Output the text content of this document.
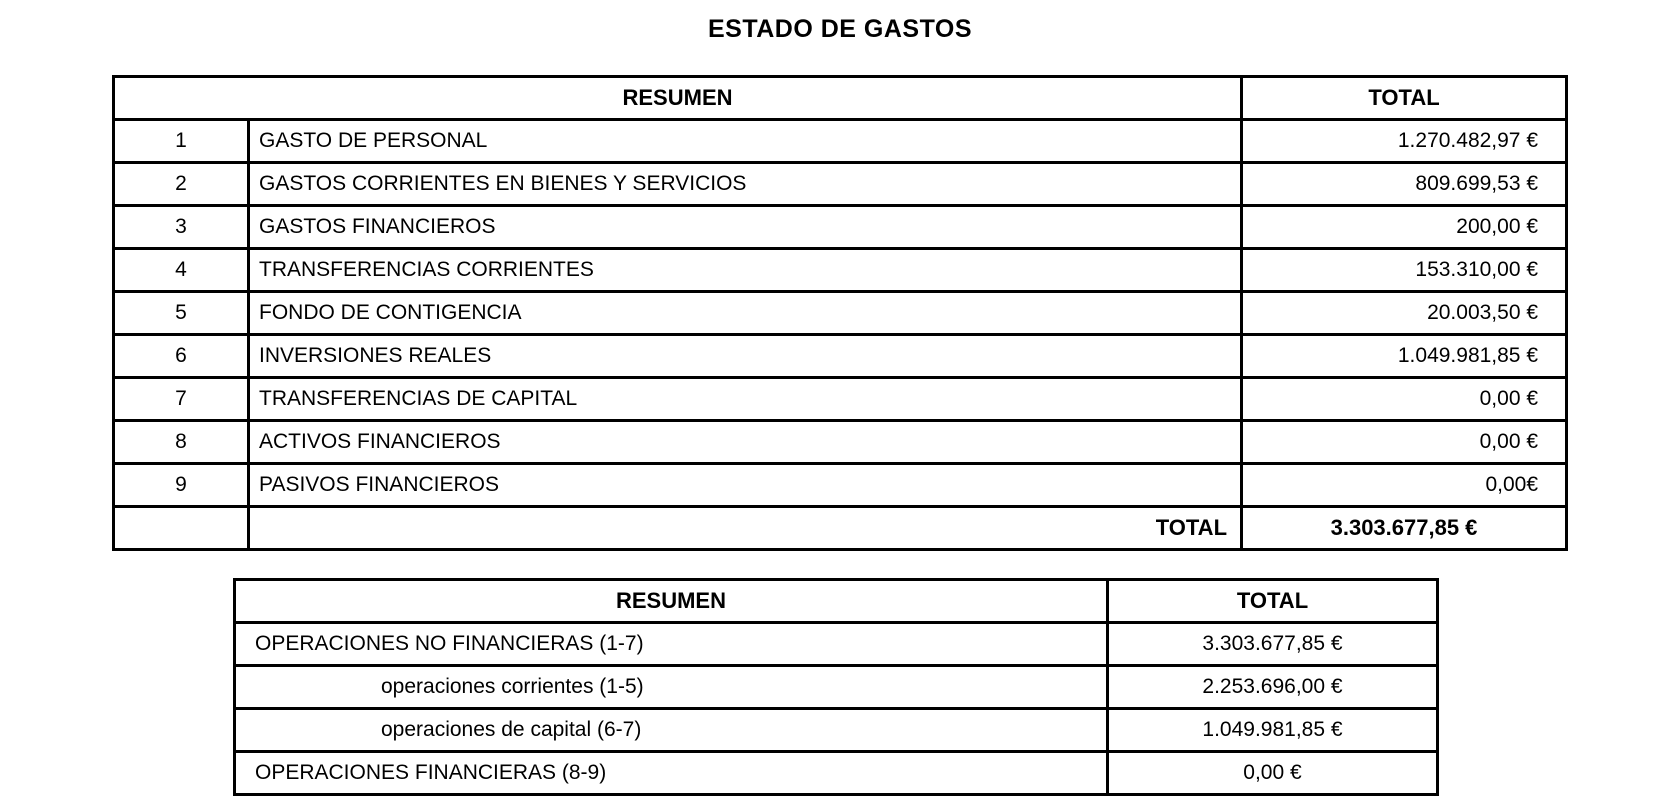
ESTADO DE GASTOS
RESUMEN		TOTAL
1	GASTO DE PERSONAL	1.270.482,97 €
2	GASTOS CORRIENTES EN BIENES Y SERVICIOS	809.699,53 €
3	GASTOS FINANCIEROS	200,00 €
4	TRANSFERENCIAS CORRIENTES	153.310,00 €
5	FONDO DE CONTIGENCIA	20.003,50 €
6	INVERSIONES REALES	1.049.981,85 €
7	TRANSFERENCIAS DE CAPITAL	0,00 €
8	ACTIVOS FINANCIEROS	0,00 €
9	PASIVOS FINANCIEROS	0,00€
	TOTAL	3.303.677,85 €
RESUMEN	TOTAL
OPERACIONES NO FINANCIERAS (1-7)	3.303.677,85 €
operaciones corrientes (1-5)	2.253.696,00 €
operaciones de capital (6-7)	1.049.981,85 €
OPERACIONES FINANCIERAS (8-9)	0,00 €
